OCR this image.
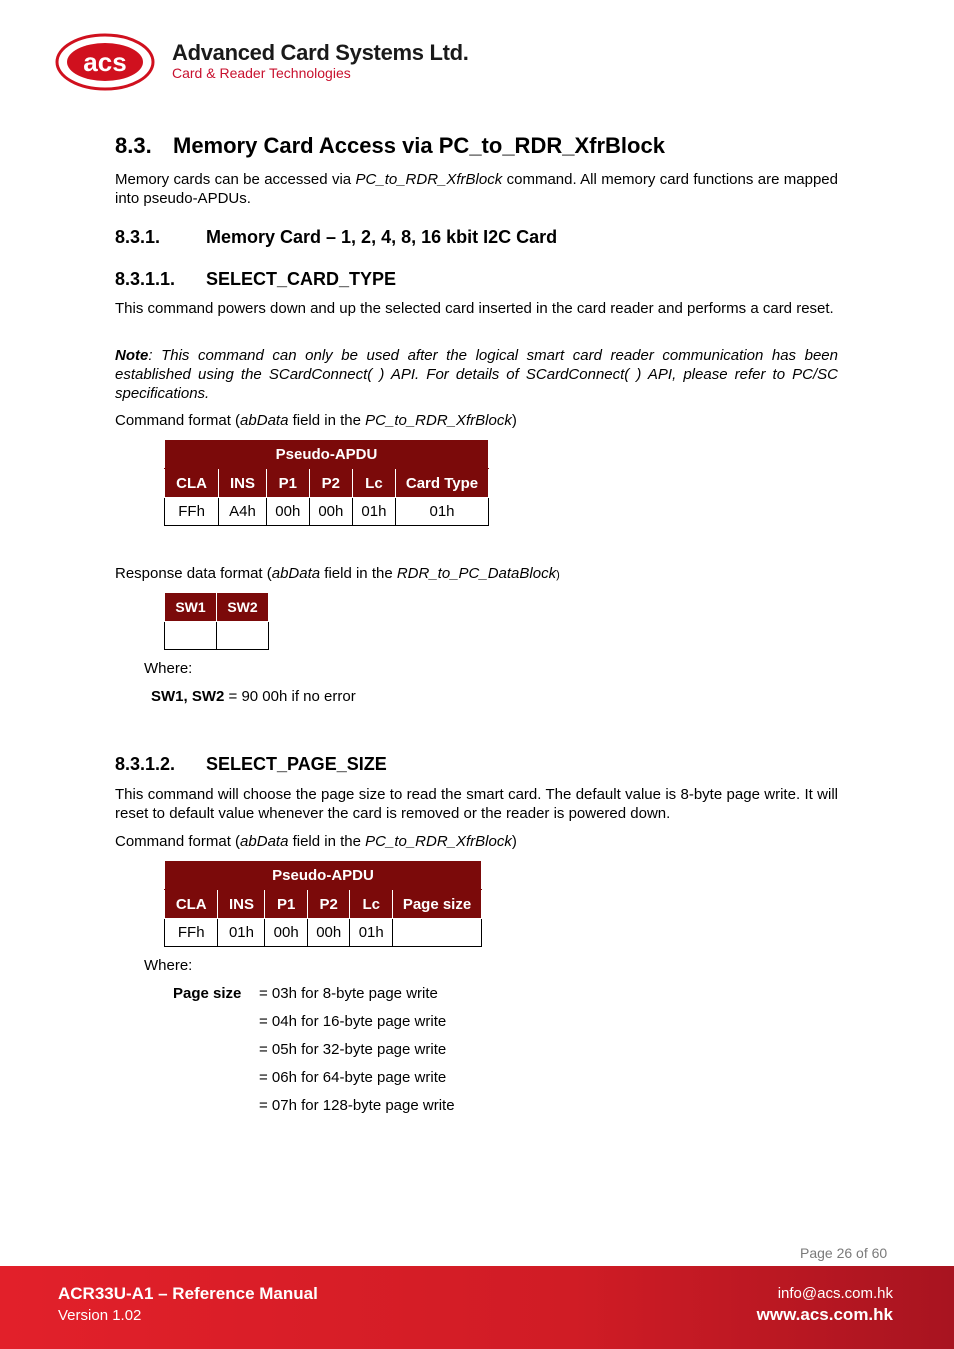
acs Advanced Card Systems Ltd.
Card & Reader Technologies
8.3. Memory Card Access via PC_to_RDR_XfrBlock
Memory cards can be accessed via PC_to_RDR_XfrBlock command. All memory card functions are mapped into pseudo-APDUs.
8.3.1.	Memory Card – 1, 2, 4, 8, 16 kbit I2C Card
8.3.1.1. SELECT_CARD_TYPE
This command powers down and up the selected card inserted in the card reader and performs a card reset.
Note: This command can only be used after the logical smart card reader communication has been established using the SCardConnect( ) API. For details of SCardConnect( ) API, please refer to PC/SC specifications.
Command format (abData field in the PC_to_RDR_XfrBlock)
Pseudo-APDU					
CLA	INS	P1	P2	Lc	Card Type
FFh	A4h	00h	00h	01h	01h
Response data format (abData field in the RDR_to_PC_DataBlock)
SW1	SW2

Where:
SW1, SW2 = 90 00h if no error
8.3.1.2. SELECT_PAGE_SIZE
This command will choose the page size to read the smart card. The default value is 8-byte page write. It will reset to default value whenever the card is removed or the reader is powered down.
Command format (abData field in the PC_to_RDR_XfrBlock)
Pseudo-APDU					
CLA	INS	P1	P2	Lc	Page size
FFh	01h	00h	00h	01h	
Where:
Page size = 03h for 8-byte page write
= 04h for 16-byte page write
= 05h for 32-byte page write
= 06h for 64-byte page write
= 07h for 128-byte page write
Page 26 of 60
ACR33U-A1 – Reference Manual
Version 1.02
info@acs.com.hk
www.acs.com.hk
